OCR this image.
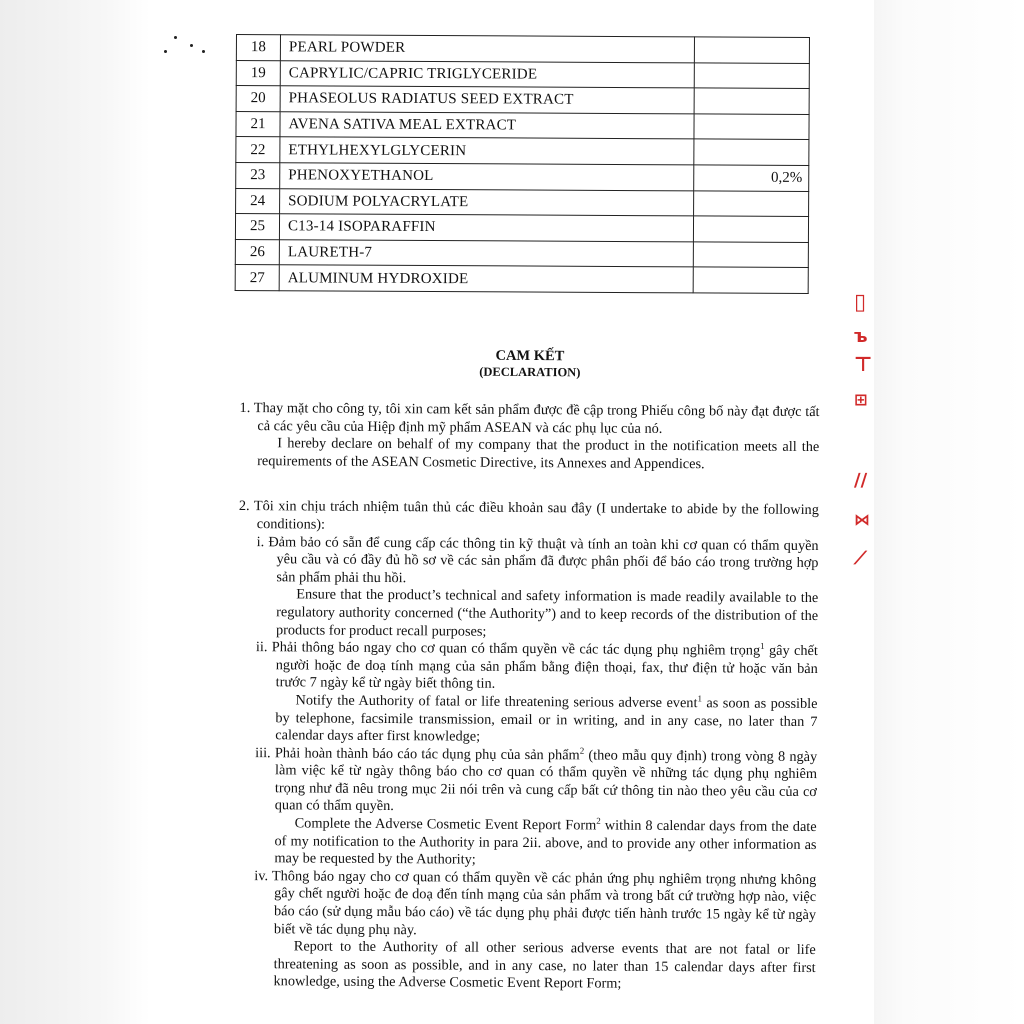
18	PEARL POWDER	
19	CAPRYLIC/CAPRIC TRIGLYCERIDE	
20	PHASEOLUS RADIATUS SEED EXTRACT	
21	AVENA SATIVA MEAL EXTRACT	
22	ETHYLHEXYLGLYCERIN	
23	PHENOXYETHANOL	0,2%
24	SODIUM POLYACRYLATE	
25	C13-14 ISOPARAFFIN	
26	LAURETH-7	
27	ALUMINUM HYDROXIDE	
CAM KẾT
(DECLARATION)

1. Thay mặt cho công ty, tôi xin cam kết sản phẩm được đề cập trong Phiếu công bố này đạt được tất cả các yêu cầu của Hiệp định mỹ phẩm ASEAN và các phụ lục của nó.

I hereby declare on behalf of my company that the product in the notification meets all the requirements of the ASEAN Cosmetic Directive, its Annexes and Appendices.

2. Tôi xin chịu trách nhiệm tuân thủ các điều khoản sau đây (I undertake to abide by the following conditions):

i. Đảm bảo có sẵn để cung cấp các thông tin kỹ thuật và tính an toàn khi cơ quan có thẩm quyền yêu cầu và có đầy đủ hồ sơ về các sản phẩm đã được phân phối để báo cáo trong trường hợp sản phẩm phải thu hồi.

Ensure that the product’s technical and safety information is made readily available to the regulatory authority concerned (“the Authority”) and to keep records of the distribution of the products for product recall purposes;

ii. Phải thông báo ngay cho cơ quan có thẩm quyền về các tác dụng phụ nghiêm trọng$^1$ gây chết người hoặc đe doạ tính mạng của sản phẩm bằng điện thoại, fax, thư điện tử hoặc văn bản trước 7 ngày kể từ ngày biết thông tin.

Notify the Authority of fatal or life threatening serious adverse event$^1$ as soon as possible by telephone, facsimile transmission, email or in writing, and in any case, no later than 7 calendar days after first knowledge;

iii. Phải hoàn thành báo cáo tác dụng phụ của sản phẩm$^2$ (theo mẫu quy định) trong vòng 8 ngày làm việc kể từ ngày thông báo cho cơ quan có thẩm quyền về những tác dụng phụ nghiêm trọng như đã nêu trong mục 2ii nói trên và cung cấp bất cứ thông tin nào theo yêu cầu của cơ quan có thẩm quyền.

Complete the Adverse Cosmetic Event Report Form$^2$ within 8 calendar days from the date of my notification to the Authority in para 2ii. above, and to provide any other information as may be requested by the Authority;

iv. Thông báo ngay cho cơ quan có thẩm quyền về các phản ứng phụ nghiêm trọng nhưng không gây chết người hoặc đe doạ đến tính mạng của sản phẩm và trong bất cứ trường hợp nào, việc báo cáo (sử dụng mẫu báo cáo) về tác dụng phụ phải được tiến hành trước 15 ngày kể từ ngày biết về tác dụng phụ này.

Report to the Authority of all other serious adverse events that are not fatal or life threatening as soon as possible, and in any case, no later than 15 calendar days after first knowledge, using the Adverse Cosmetic Event Report Form;

▯
ъ
⊤
⊞
∕∕
⋈
⟋
